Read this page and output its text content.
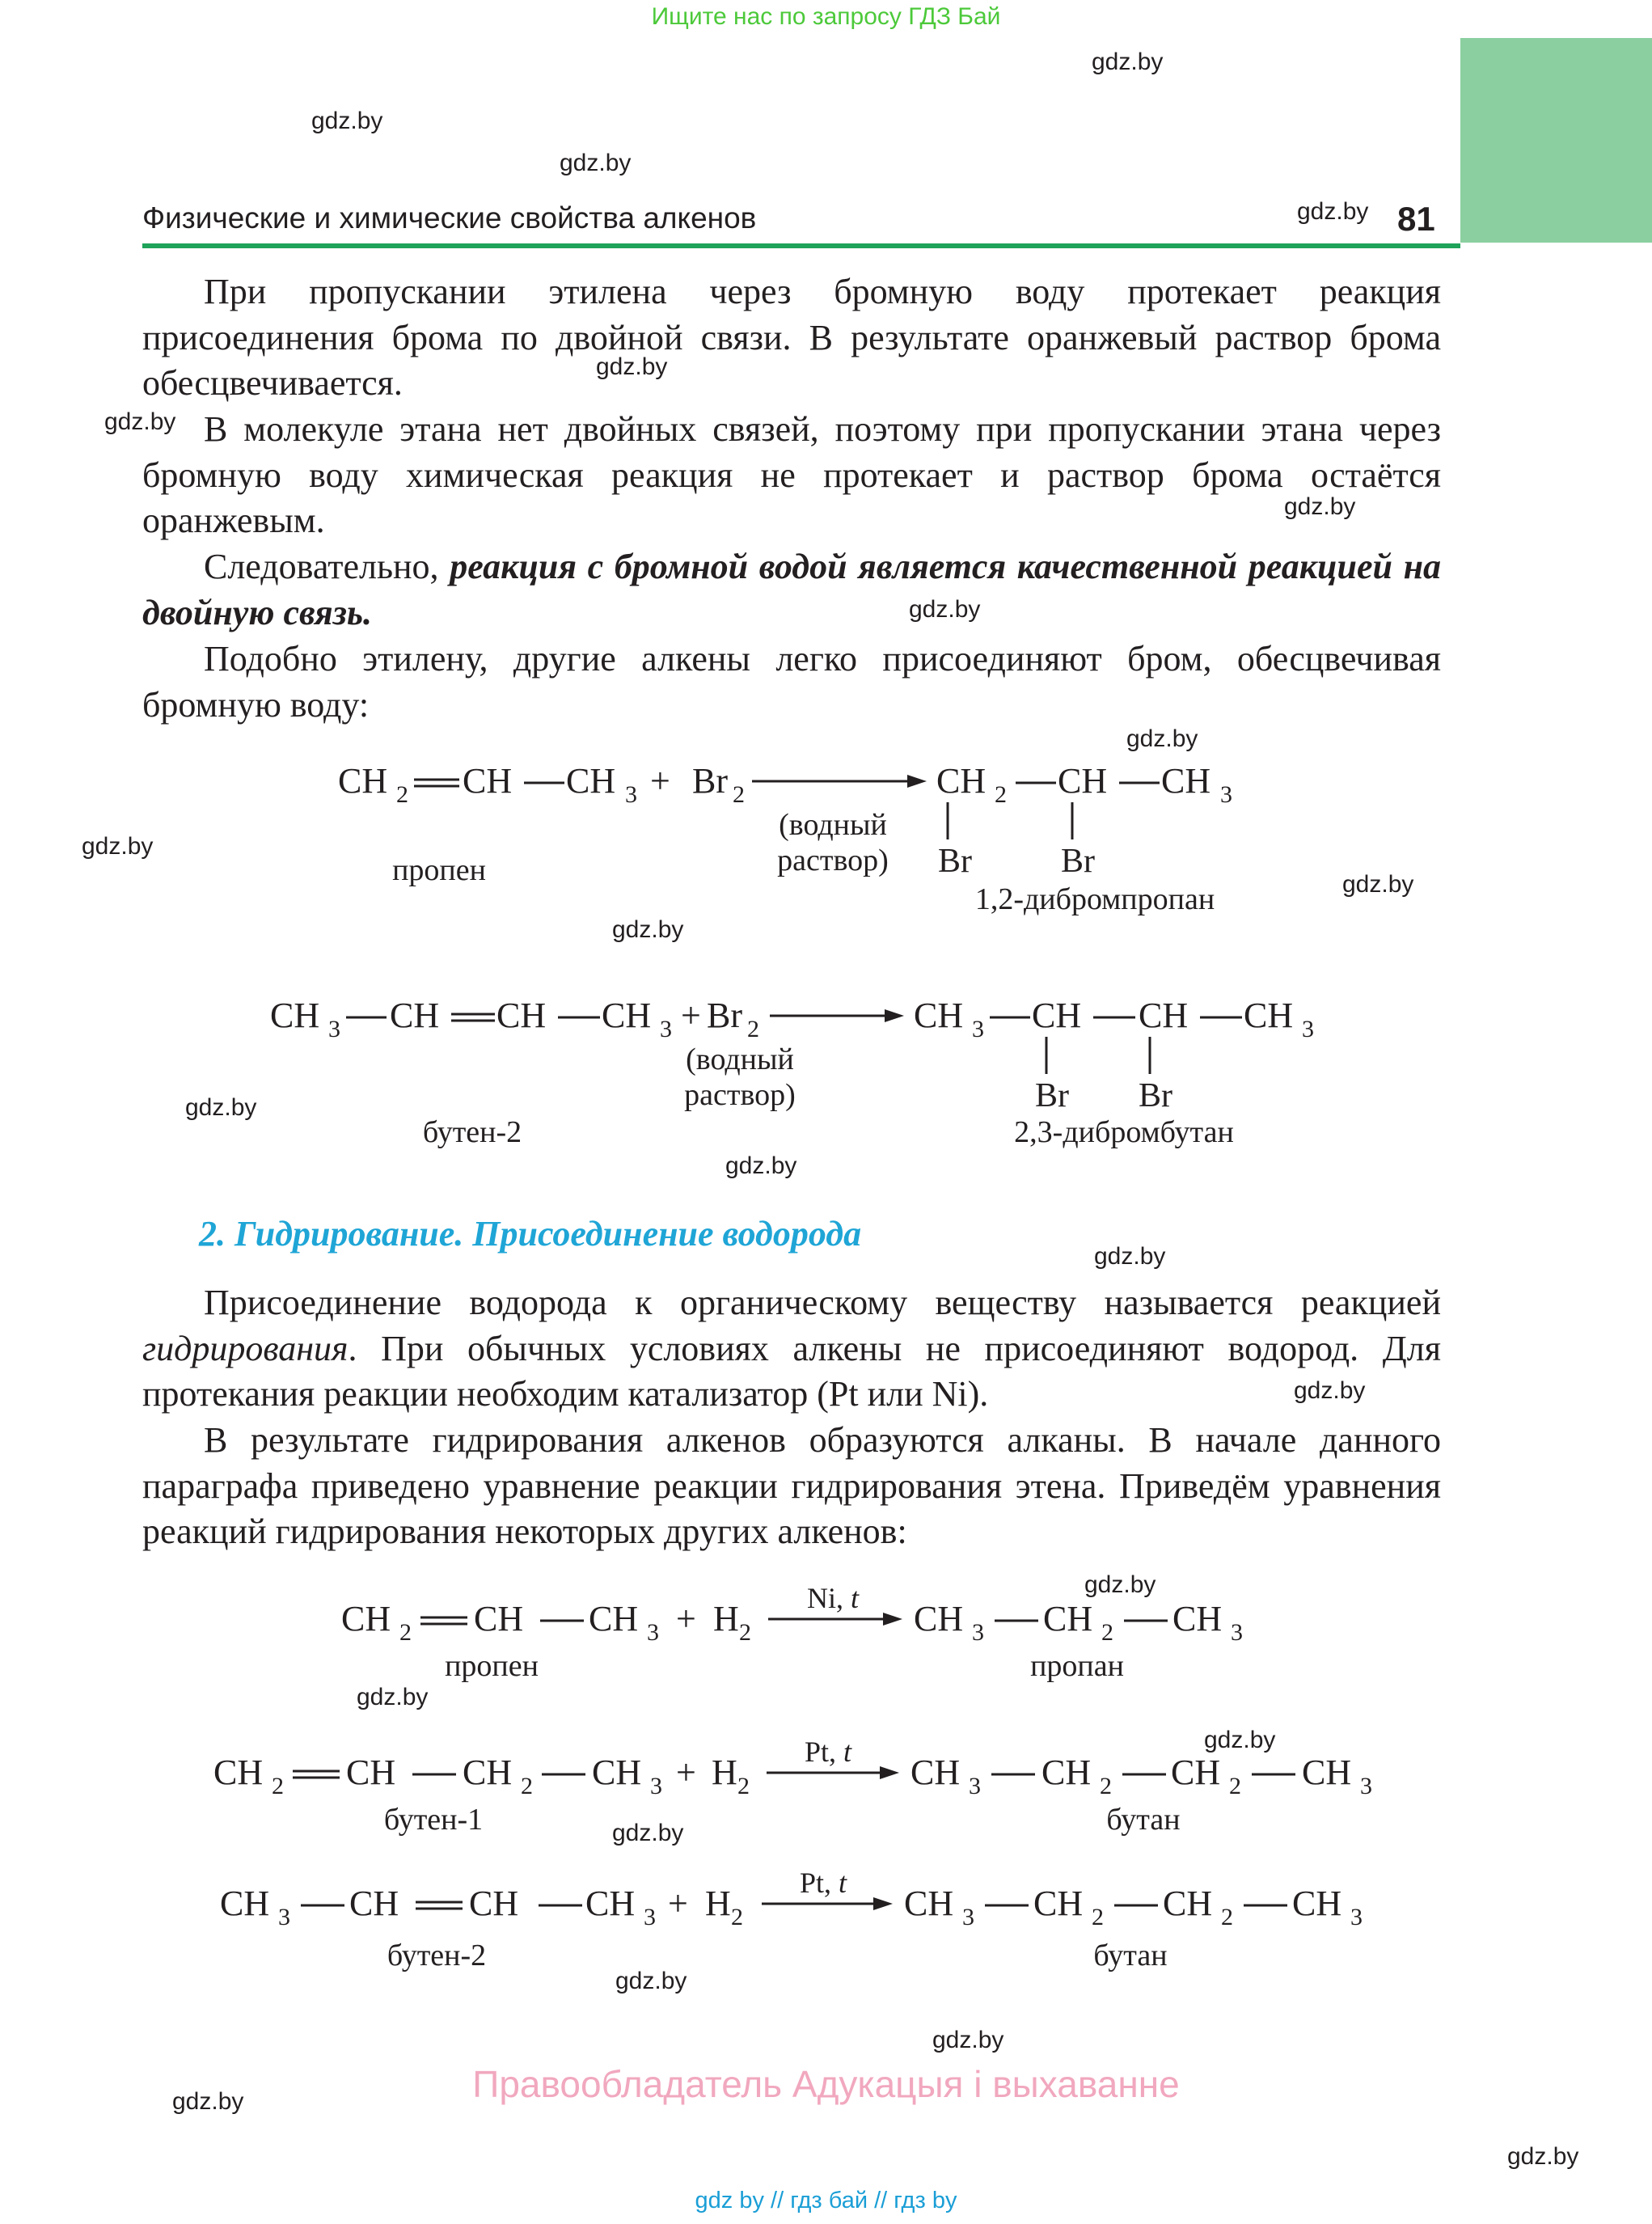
Ищите нас по запросу ГДЗ Бай
Физические и химические свойства алкенов	81
При пропускании этилена через бромную воду протекает реакция присоединения брома по двойной связи. В результате оранжевый раствор брома обесцвечивается.
В молекуле этана нет двойных связей, поэтому при пропускании этана через бромную воду химическая реакция не протекает и раствор брома остаётся оранжевым.
Следовательно, реакция с бромной водой является качественной реакцией на двойную связь.
Подобно этилену, другие алкены легко присоединяют бром, обесцвечивая бромную воду:
CH 2 CH CH 3 + Br 2
(водный
раствор)
пропен
CH 2 CH CH 3
Br	Br
1,2-дибромпропан
CH 3 CH CH CH 3 + Br 2
(водный
раствор)
бутен-2
CH 3 CH CH CH 3
Br Br
2,3-дибромбутан
2. Гидрирование. Присоединение водорода
Присоединение водорода к органическому веществу называется реакцией гидрирования. При обычных условиях алкены не присоединяют водород. Для протекания реакции необходим катализатор (Pt или Ni).
В результате гидрирования алкенов образуются алканы. В начале данного параграфа приведено уравнение реакции гидрирования этена. Приведём уравнения реакций гидрирования некоторых других алкенов:
CH 2 CH CH 3 + H 2
Ni, t
пропен
CH 3 CH 2 CH 3
пропан
CH 2 CH CH 2 CH 3 + H 2
Pt, t
бутен-1
CH 3 CH 2 CH 2 CH 3
бутан
CH 3 CH CH CH 3 + H 2
Pt, t
бутен-2
CH 3 CH 2 CH 2 CH 3
бутан
gdz.by
gdz.by
gdz.by
gdz.by
gdz.by
gdz.by
gdz.by
gdz.by
gdz.by
gdz.by
gdz.by
gdz.by
gdz.by
gdz.by
gdz.by
gdz.by
gdz.by
gdz.by
gdz.by
gdz.by
gdz.by
gdz.by
gdz.by
gdz.by
Правообладатель Адукацыя і выхаванне
gdz by // гдз бай // гдз by
